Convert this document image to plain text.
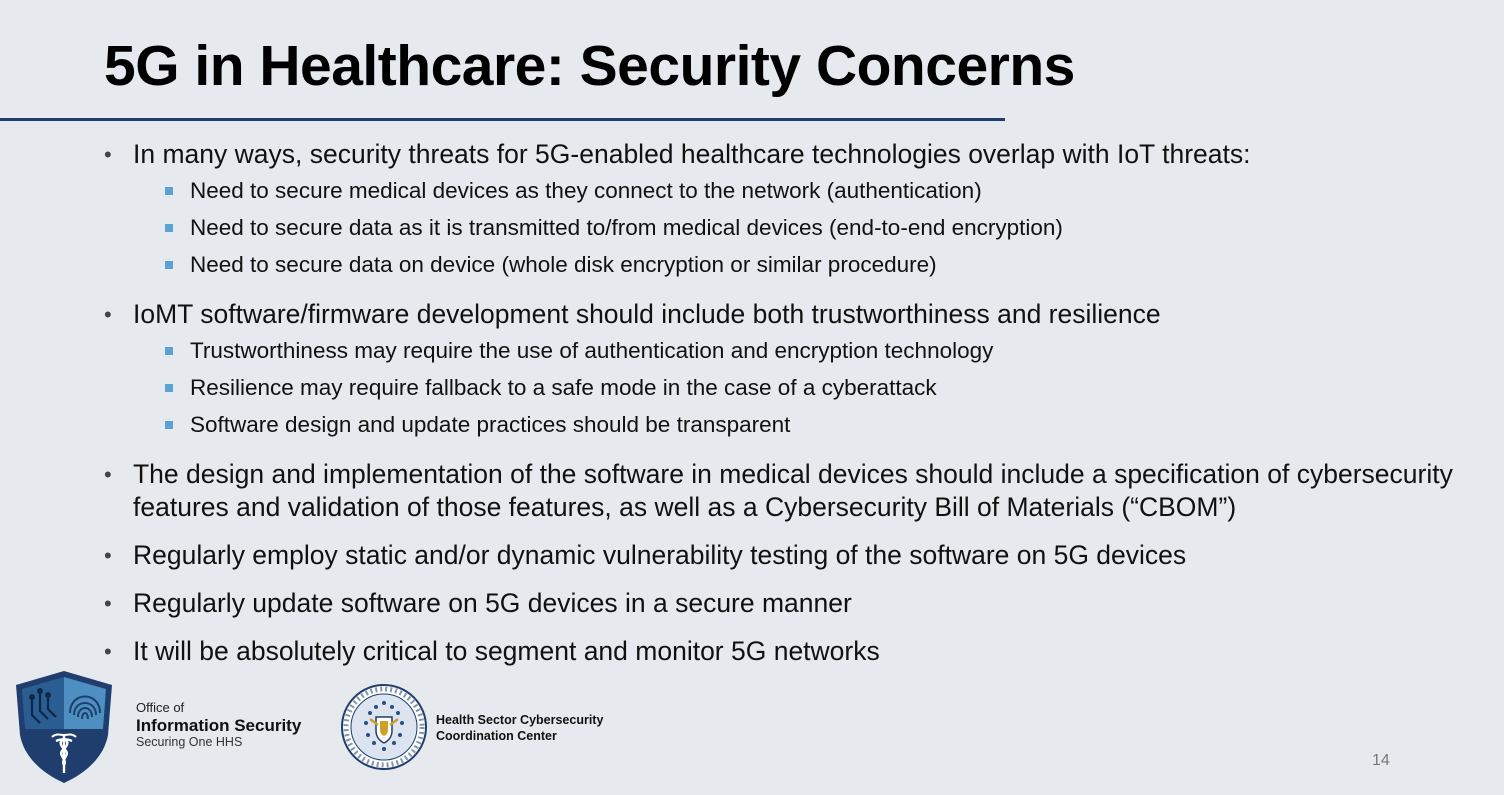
5G in Healthcare: Security Concerns
• In many ways, security threats for 5G-enabled healthcare technologies overlap with IoT threats:
Need to secure medical devices as they connect to the network (authentication)
Need to secure data as it is transmitted to/from medical devices (end-to-end encryption)
Need to secure data on device (whole disk encryption or similar procedure)
• IoMT software/firmware development should include both trustworthiness and resilience
Trustworthiness may require the use of authentication and encryption technology
Resilience may require fallback to a safe mode in the case of a cyberattack
Software design and update practices should be transparent
• The design and implementation of the software in medical devices should include a specification of cybersecurity features and validation of those features, as well as a Cybersecurity Bill of Materials (“CBOM”)
• Regularly employ static and/or dynamic vulnerability testing of the software on 5G devices
• Regularly update software on 5G devices in a secure manner
• It will be absolutely critical to segment and monitor 5G networks
Office of
Information Security
Securing One HHS
Health Sector Cybersecurity
Coordination Center
14
